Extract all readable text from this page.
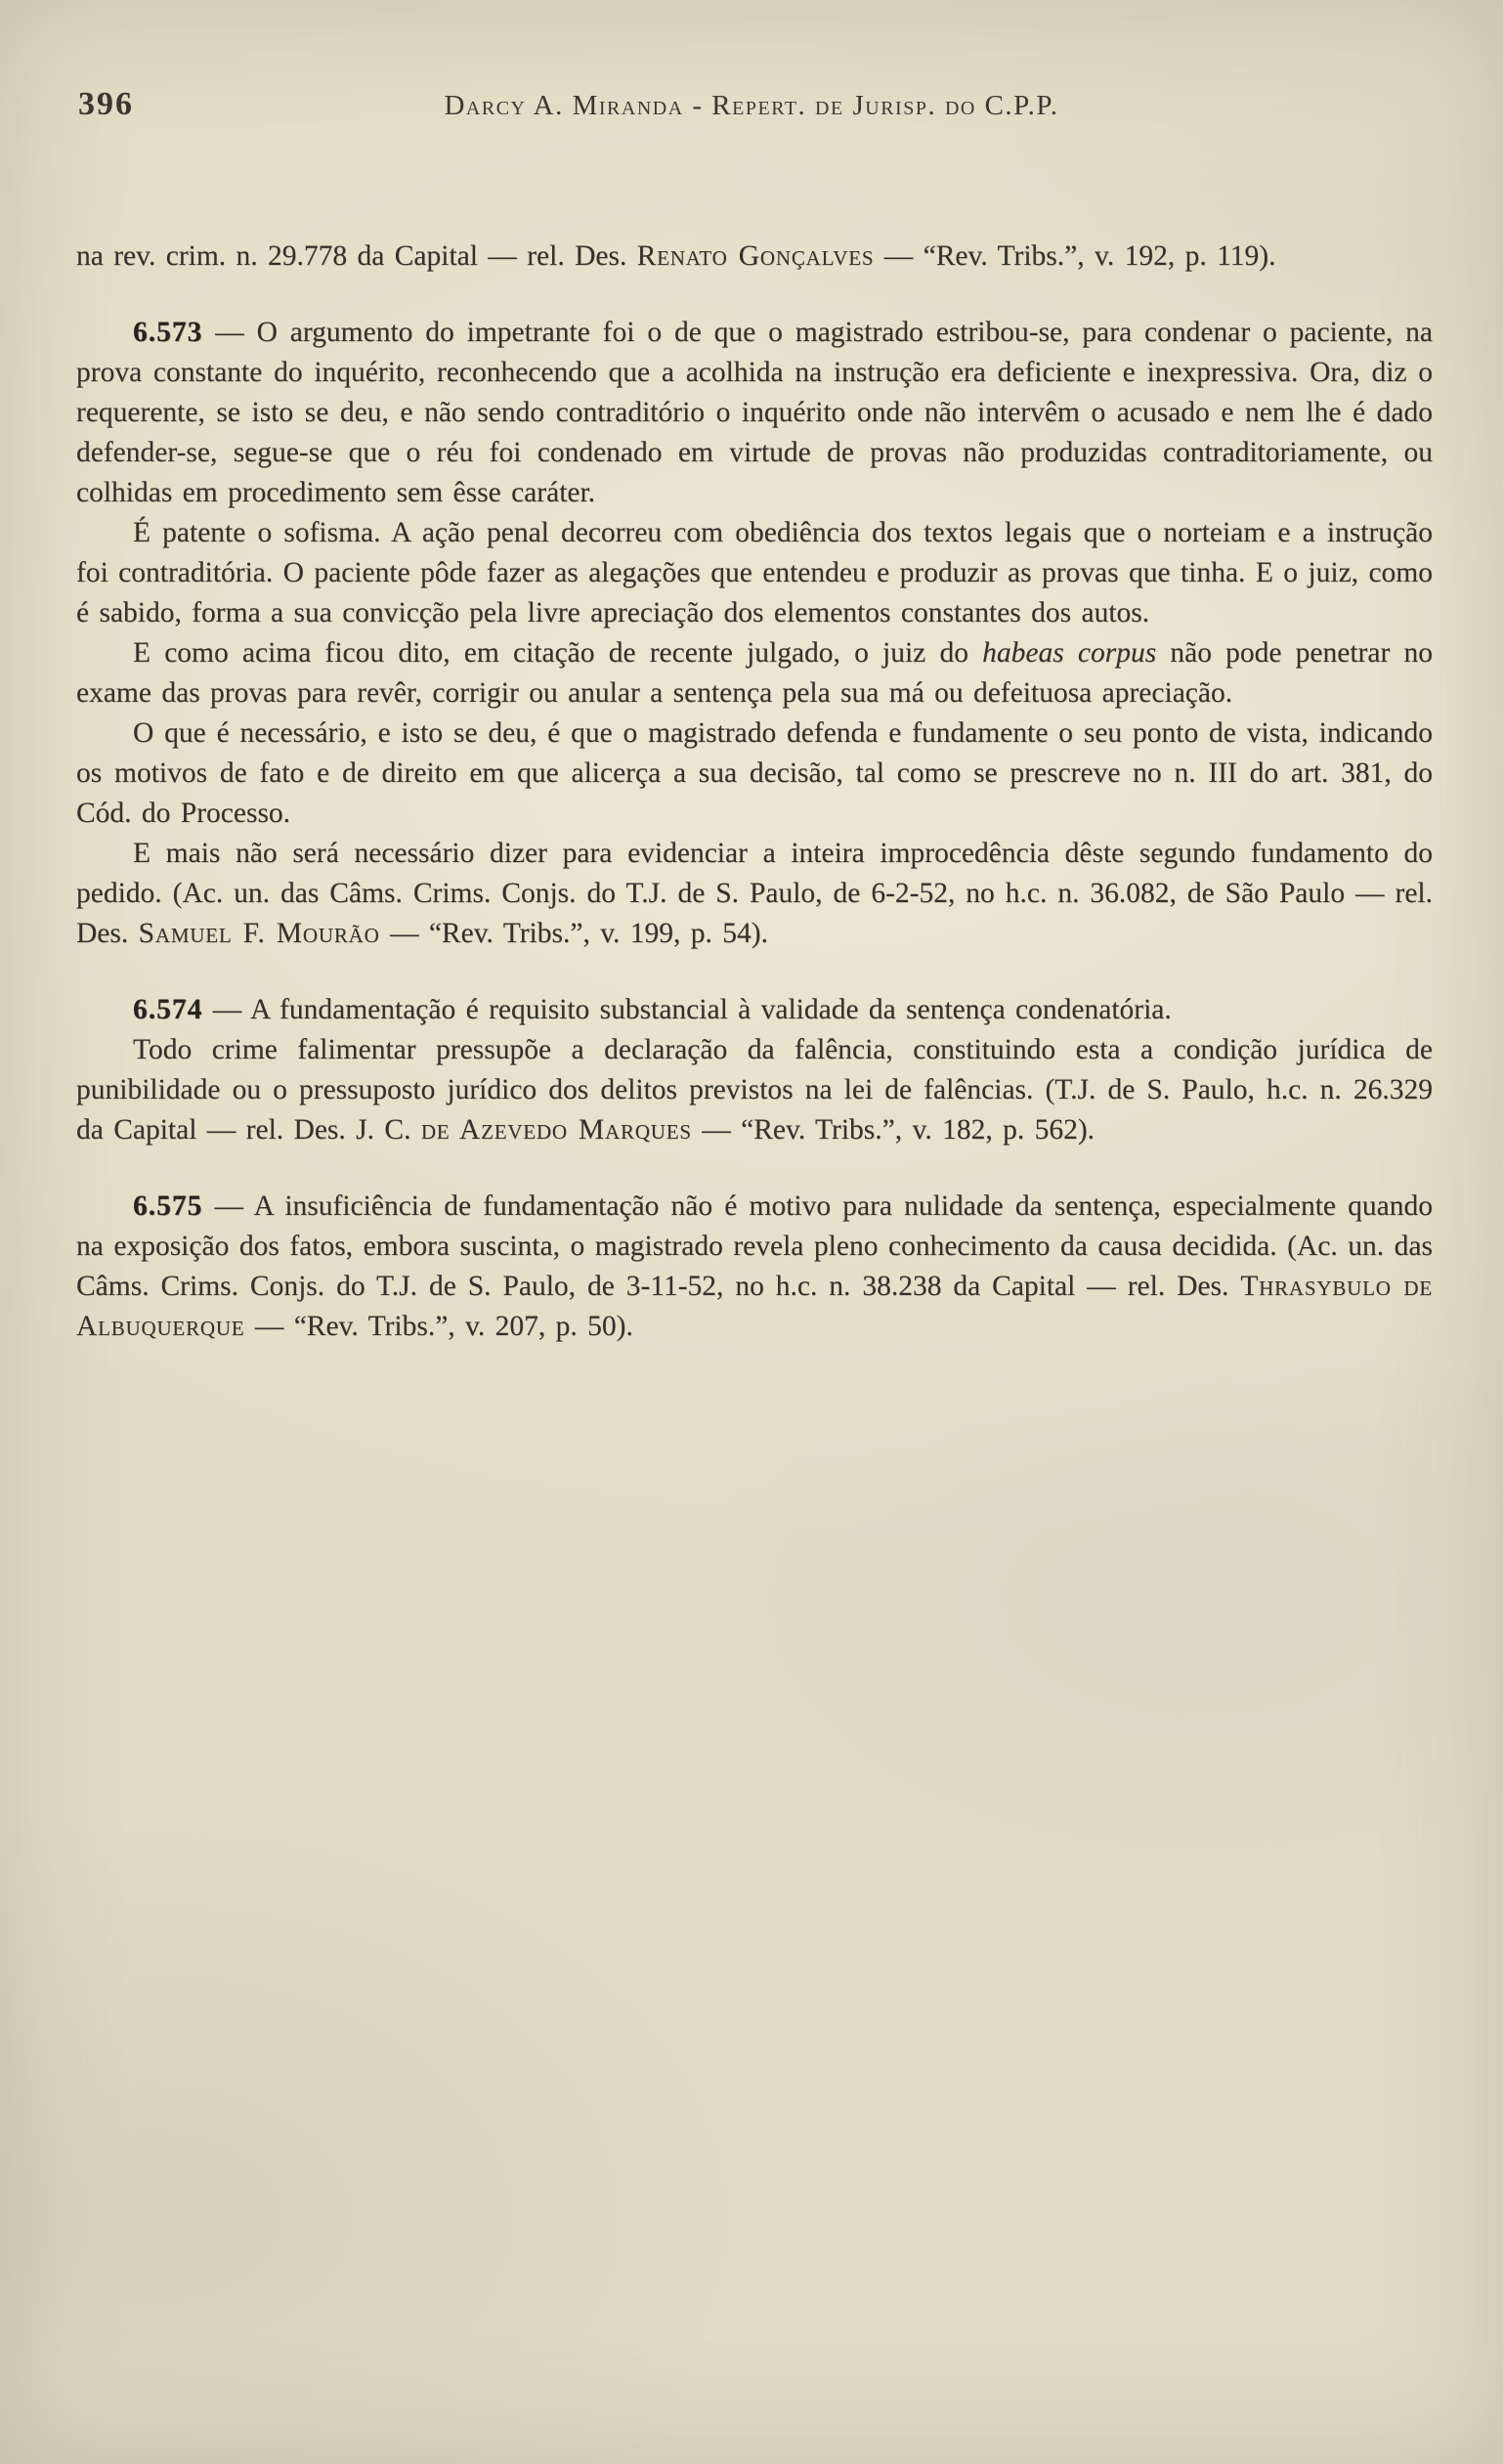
396	Darcy A. Miranda - Repert. de Jurisp. do C.P.P.

na rev. crim. n. 29.778 da Capital — rel. Des. Renato Gonçalves — “Rev. Tribs.”, v. 192, p. 119).

6.573 — O argumento do impetrante foi o de que o magistrado estribou-se, para condenar o paciente, na prova constante do inquérito, reconhecendo que a acolhida na instrução era deficiente e inexpressiva. Ora, diz o requerente, se isto se deu, e não sendo contraditório o inquérito onde não intervêm o acusado e nem lhe é dado defender-se, segue-se que o réu foi condenado em virtude de provas não produzidas contraditoriamente, ou colhidas em procedimento sem êsse caráter.

É patente o sofisma. A ação penal decorreu com obediência dos textos legais que o norteiam e a instrução foi contraditória. O paciente pôde fazer as alegações que entendeu e produzir as provas que tinha. E o juiz, como é sabido, forma a sua convicção pela livre apreciação dos elementos constantes dos autos.

E como acima ficou dito, em citação de recente julgado, o juiz do habeas corpus não pode penetrar no exame das provas para revêr, corrigir ou anular a sentença pela sua má ou defeituosa apreciação.

O que é necessário, e isto se deu, é que o magistrado defenda e fundamente o seu ponto de vista, indicando os motivos de fato e de direito em que alicerça a sua decisão, tal como se prescreve no n. III do art. 381, do Cód. do Processo.

E mais não será necessário dizer para evidenciar a inteira improcedência dêste segundo fundamento do pedido. (Ac. un. das Câms. Crims. Conjs. do T.J. de S. Paulo, de 6-2-52, no h.c. n. 36.082, de São Paulo — rel. Des. Samuel F. Mourão — “Rev. Tribs.”, v. 199, p. 54).

6.574 — A fundamentação é requisito substancial à validade da sentença condenatória.

Todo crime falimentar pressupõe a declaração da falência, constituindo esta a condição jurídica de punibilidade ou o pressuposto jurídico dos delitos previstos na lei de falências. (T.J. de S. Paulo, h.c. n. 26.329 da Capital — rel. Des. J. C. de Azevedo Marques — “Rev. Tribs.”, v. 182, p. 562).

6.575 — A insuficiência de fundamentação não é motivo para nulidade da sentença, especialmente quando na exposição dos fatos, embora suscinta, o magistrado revela pleno conhecimento da causa decidida. (Ac. un. das Câms. Crims. Conjs. do T.J. de S. Paulo, de 3-11-52, no h.c. n. 38.238 da Capital — rel. Des. Thrasybulo de Albuquerque — “Rev. Tribs.”, v. 207, p. 50).
